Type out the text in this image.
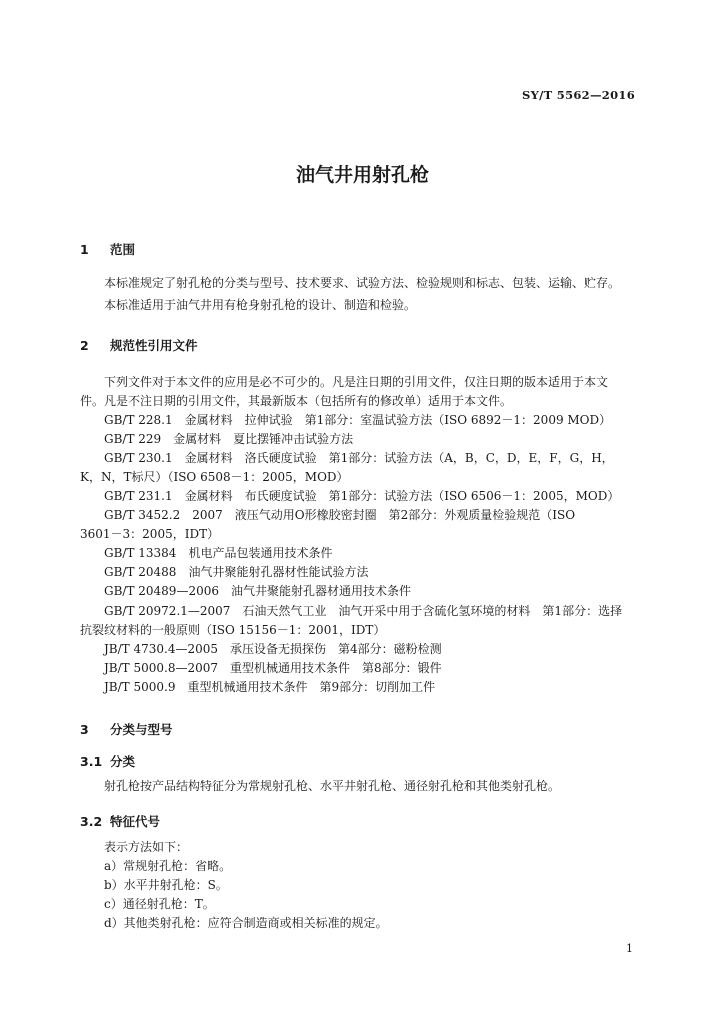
SY/T 5562—2016
油气井用射孔枪
1 范围
本标准规定了射孔枪的分类与型号、技术要求、试验方法、检验规则和标志、包装、运输、贮存。
本标准适用于油气井用有枪身射孔枪的设计、制造和检验。
2 规范性引用文件
下列文件对于本文件的应用是必不可少的。凡是注日期的引用文件，仅注日期的版本适用于本文
件。凡是不注日期的引用文件，其最新版本（包括所有的修改单）适用于本文件。
GB/T 228.1　金属材料　拉伸试验　第1部分：室温试验方法（ISO 6892－1：2009 MOD）
GB/T 229　金属材料　夏比摆锤冲击试验方法
GB/T 230.1　金属材料　洛氏硬度试验　第1部分：试验方法（A，B，C，D，E，F，G，H，
K，N，T标尺）（ISO 6508－1：2005，MOD）
GB/T 231.1　金属材料　布氏硬度试验　第1部分：试验方法（ISO 6506－1：2005，MOD）
GB/T 3452.2　2007　液压气动用O形橡胶密封圈　第2部分：外观质量检验规范（ISO
3601－3：2005，IDT）
GB/T 13384　机电产品包装通用技术条件
GB/T 20488　油气井聚能射孔器材性能试验方法
GB/T 20489—2006　油气井聚能射孔器材通用技术条件
GB/T 20972.1—2007　石油天然气工业　油气开采中用于含硫化氢环境的材料　第1部分：选择
抗裂纹材料的一般原则（ISO 15156－1：2001，IDT）
JB/T 4730.4—2005　承压设备无损探伤　第4部分：磁粉检测
JB/T 5000.8—2007　重型机械通用技术条件　第8部分：锻件
JB/T 5000.9　重型机械通用技术条件　第9部分：切削加工件
3 分类与型号
3.1 分类
射孔枪按产品结构特征分为常规射孔枪、水平井射孔枪、通径射孔枪和其他类射孔枪。
3.2 特征代号
表示方法如下：
a）常规射孔枪：省略。
b）水平井射孔枪：S。
c）通径射孔枪：T。
d）其他类射孔枪：应符合制造商或相关标准的规定。
1
